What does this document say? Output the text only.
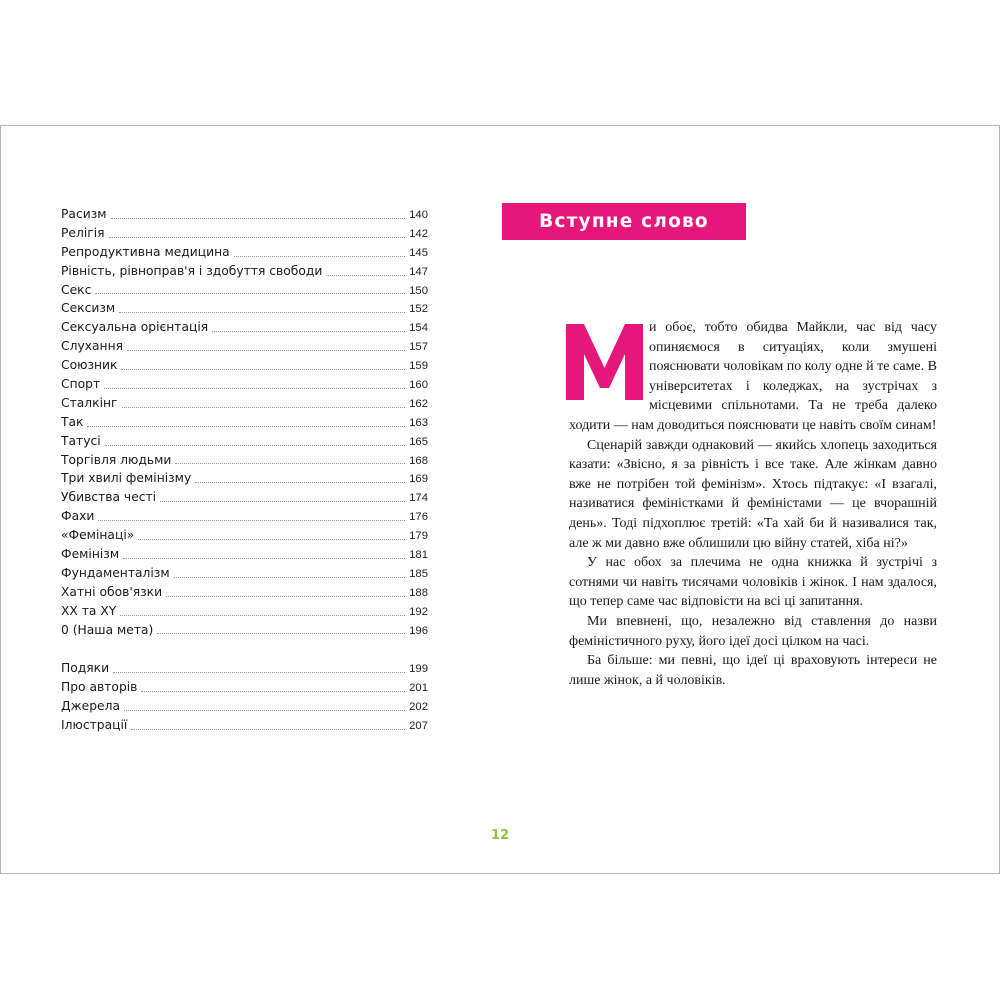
Расизм	140
Релігія	142
Репродуктивна медицина	145
Рівність, рівноправ'я і здобуття свободи	147
Секс	150
Сексизм	152
Сексуальна орієнтація	154
Слухання	157
Союзник	159
Спорт	160
Сталкінг	162
Так	163
Татусі	165
Торгівля людьми	168
Три хвилі фемінізму	169
Убивства честі	174
Фахи	176
«Фемінаці»	179
Фемінізм	181
Фундаменталізм	185
Хатні обов'язки	188
XX та XY	192
0 (Наша мета)	196
Подяки	199
Про авторів	201
Джерела	202
Ілюстрації	207
Вступне слово

и обоє, тобто обидва Майкли, час від часу опиняємося в ситуаціях, коли змушені пояснювати чоловікам по колу одне й те саме. В університетах і коледжах, на зустрічах з місцевими спільнотами. Та не треба далеко ходити — нам доводиться пояснювати це навіть своїм синам!

Сценарій завжди однаковий — якийсь хлопець заходиться казати: «Звісно, я за рівність і все таке. Але жінкам давно вже не потрібен той фемінізм». Хтось підтакує: «І взагалі, називатися феміністками й феміністами — це вчорашній день». Тоді підхоплює третій: «Та хай би й називалися так, але ж ми давно вже облишили цю війну статей, хіба ні?»

У нас обох за плечима не одна книжка й зустрічі з сотнями чи навіть тисячами чоловіків і жінок. І нам здалося, що тепер саме час відповісти на всі ці запитання.

Ми впевнені, що, незалежно від ставлення до назви феміністичного руху, його ідеї досі цілком на часі.

Ба більше: ми певні, що ідеї ці враховують інтереси не лише жінок, а й чоловіків.

12
